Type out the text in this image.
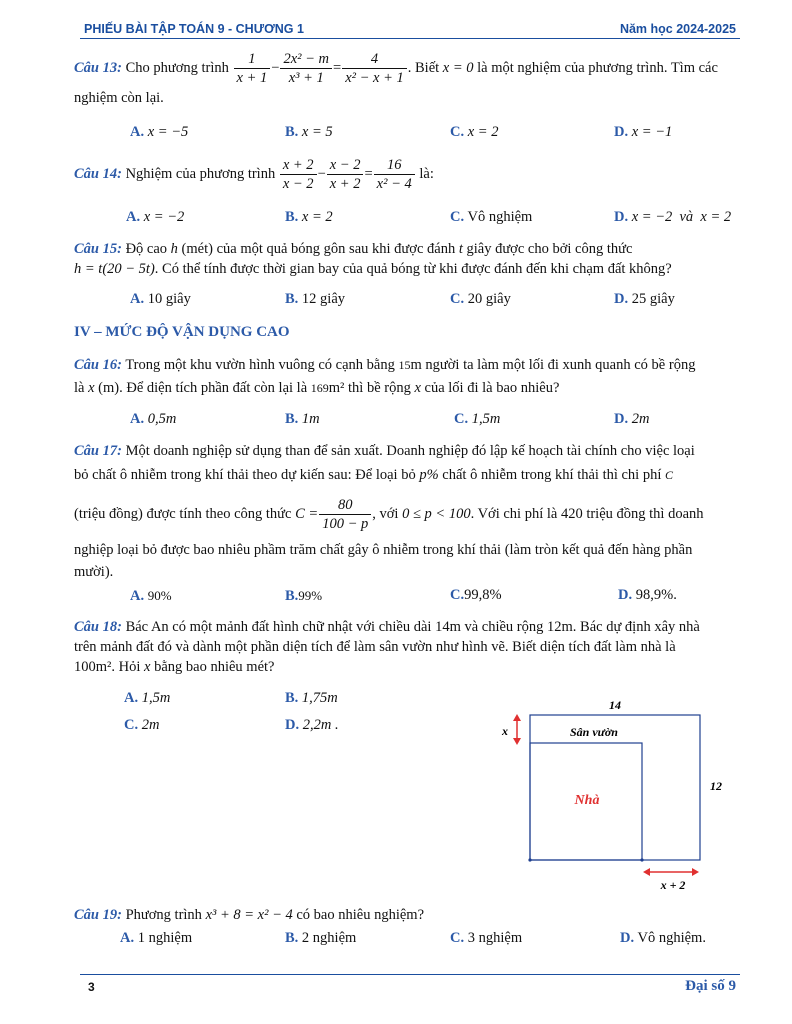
PHIẾU BÀI TẬP TOÁN 9 - CHƯƠNG 1	Năm học 2024-2025
Câu 13: Cho phương trình $\frac{1}{x + 1} - \frac{\text{2x² − m}}{\text{x³ + 1}} = \frac{4}{\text{x² − x + 1}}$ . Biết x = 0 là một nghiệm của phương trình. Tìm các
nghiệm còn lại.
A. x = −5	B. x = 5	C. x = 2	D. x = −1
Câu 14: Nghiệm của phương trình $\frac{x + 2}{x - 2} - \frac{x - 2}{x + 2} = \frac{16}{\text{x² − 4}}$ là:
A. x = −2	B. x = 2	C. Vô nghiệm	D. x = −2  và  x = 2
Câu 15: Độ cao h (mét) của một quả bóng gôn sau khi được đánh t giây được cho bởi công thức
h = t(20 − 5t). Có thể tính được thời gian bay của quả bóng từ khi được đánh đến khi chạm đất không?
A. 10 giây	B. 12 giây	C. 20 giây	D. 25 giây
IV – MỨC ĐỘ VẬN DỤNG CAO
Câu 16: Trong một khu vườn hình vuông có cạnh bằng 15m người ta làm một lối đi xunh quanh có bề rộng
là x (m). Để diện tích phần đất còn lại là 169m² thì bề rộng x của lối đi là bao nhiêu?
A. 0,5m	B. 1m	C. 1,5m	D. 2m
Câu 17: Một doanh nghiệp sử dụng than để sản xuất. Doanh nghiệp đó lập kế hoạch tài chính cho việc loại
bỏ chất ô nhiễm trong khí thải theo dự kiến sau: Để loại bỏ p% chất ô nhiễm trong khí thải thì chi phí C
(triệu đồng) được tính theo công thức $C = \frac{80}{100 - p}$ , với 0 ≤ p < 100. Với chi phí là 420 triệu đồng thì doanh
nghiệp loại bỏ được bao nhiêu phầm trăm chất gây ô nhiễm trong khí thải (làm tròn kết quả đến hàng phần
mười).
A. 90%	B.99%	C.99,8%	D. 98,9%.
Câu 18: Bác An có một mảnh đất hình chữ nhật với chiều dài 14m và chiều rộng 12m. Bác dự định xây nhà
trên mảnh đất đó và dành một phần diện tích để làm sân vườn như hình vẽ. Biết diện tích đất làm nhà là
100m². Hỏi x bằng bao nhiêu mét?
A. 1,5m	B. 1,75m
C. 2m	D. 2,2m .
14
12
x	Sân vườn
Nhà
x + 2
Câu 19: Phương trình x³ + 8 = x² − 4 có bao nhiêu nghiệm?
A. 1 nghiệm	B. 2 nghiệm	C. 3 nghiệm	D. Vô nghiệm.
3	Đại số 9
